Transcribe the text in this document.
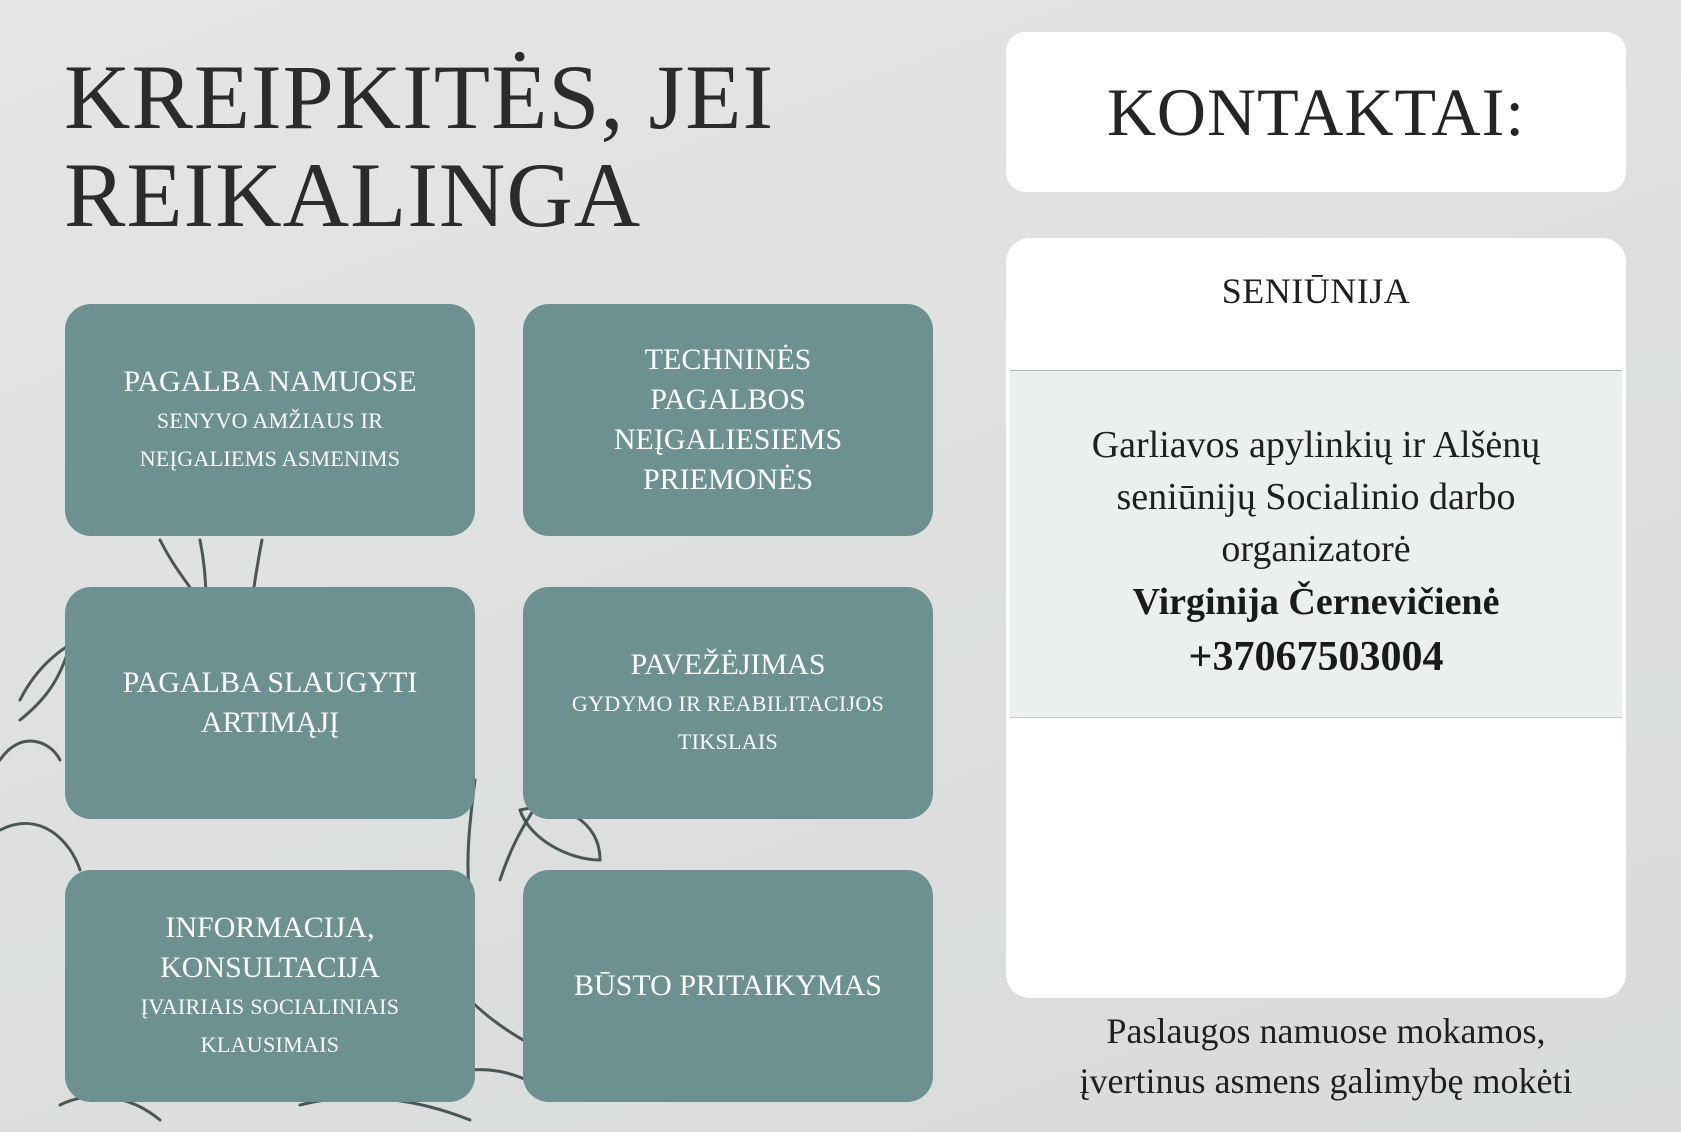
KREIPKITĖS, JEI
REIKALINGA
PAGALBA NAMUOSE
SENYVO AMŽIAUS IR
NEĮGALIEMS ASMENIMS
TECHNINĖS
PAGALBOS
NEĮGALIESIEMS
PRIEMONĖS
PAGALBA SLAUGYTI
ARTIMĄJĮ
PAVEŽĖJIMAS
GYDYMO IR REABILITACIJOS
TIKSLAIS
INFORMACIJA,
KONSULTACIJA
ĮVAIRIAIS SOCIALINIAIS
KLAUSIMAIS
BŪSTO PRITAIKYMAS
KONTAKTAI:
SENIŪNIJA
Garliavos apylinkių ir Alšėnų
seniūnijų Socialinio darbo
organizatorė
Virginija Černevičienė
+37067503004
Paslaugos namuose mokamos,
įvertinus asmens galimybę mokėti
